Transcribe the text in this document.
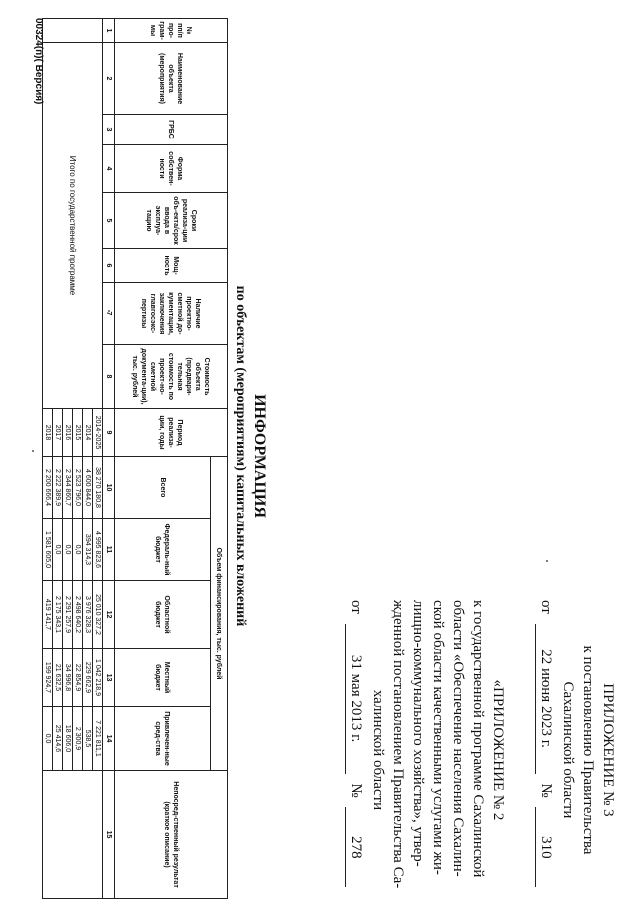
ПРИЛОЖЕНИЕ № 3
к постановлению Правительства
Сахалинской области
от 22 июня 2023 г. № 310
«ПРИЛОЖЕНИЕ № 2
к государственной программе Сахалинской
области «Обеспечение населения Сахалин-
ской области качественными услугами жи-
лищно-коммунального хозяйства», утвер-
жденной постановлением Правительства Са-
халинской области
от 31 мая 2013 г. № 278
ИНФОРМАЦИЯ
по объектам (мероприятиям) капитальных вложений
№ пп/п про-грам-мы	Наименование объекта (мероприятия)	ГРБС	Форма собствен-ности	Сроки реализа-ции объ-екта/срок ввода в эксплуа-тацию	Мощ-ность	Наличие проектно-сметной до-кументации, заключения главгосэкс-пертизы	Стоимость объекта (предвари-тельная стоимость по проект-но-сметной документа-ции), тыс. рублей	Период реализа-ции, годы	Объем финансирования, тыс. рублей					Непосред-ственный результат (краткое описание)
									Всего	Федераль-ный бюджет	Областной бюджет	Местный бюджет	Привлечен-ные сред-ства	
1	2	3	4	5	6	7	8	9	10	11	12	13	14	15
	Итого по государственной программе							2014-2025	38 270 180,8	4 995 823,6	25 010 327,2	1 042 218,9	7 221 811,1	
								2014	4 600 844,0	394 314,3	3 976 328,3	229 662,9	538,5	
								2015	2 523 796,0	0,0	2 498 640,2	22 854,9	2 300,9	
								2016	2 344 860,7	0,0	2 291 257,9	34 996,8	18 606,0	
								2017	2 222 389,9	0,0	2 175 343,1	21 632,5	25 414,6	
								2018	2 200 666,4	1 581 605,0	419 141,7	199 924,7	0,0	
00324(п)( Версия)
